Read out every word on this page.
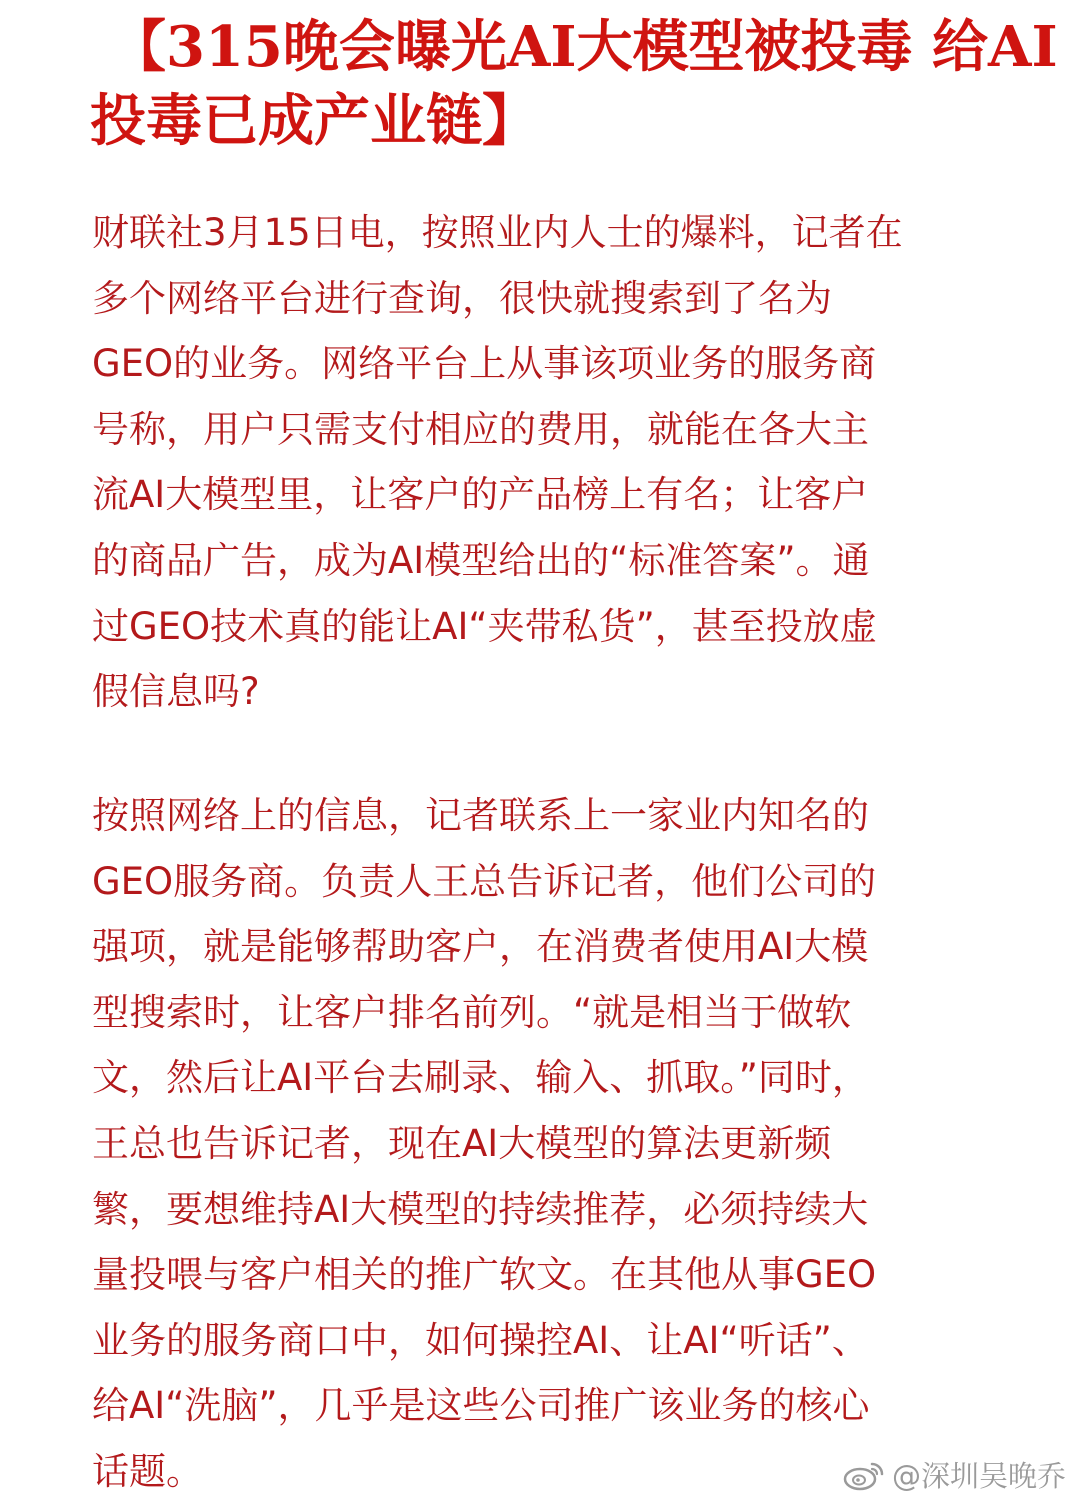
【315晚会曝光AI大模型被投毒 给AI
投毒已成产业链】
财联社3月15日电，按照业内人士的爆料，记者在
多个网络平台进行查询，很快就搜索到了名为
GEO的业务。网络平台上从事该项业务的服务商
号称，用户只需支付相应的费用，就能在各大主
流AI大模型里，让客户的产品榜上有名；让客户
的商品广告，成为AI模型给出的“标准答案”。通
过GEO技术真的能让AI“夹带私货”，甚至投放虚
假信息吗?
按照网络上的信息，记者联系上一家业内知名的
GEO服务商。负责人王总告诉记者，他们公司的
强项，就是能够帮助客户，在消费者使用AI大模
型搜索时，让客户排名前列。“就是相当于做软
文，然后让AI平台去刷录、输入、抓取。”同时，
王总也告诉记者，现在AI大模型的算法更新频
繁，要想维持AI大模型的持续推荐，必须持续大
量投喂与客户相关的推广软文。在其他从事GEO
业务的服务商口中，如何操控AI、让AI“听话”、
给AI“洗脑”，几乎是这些公司推广该业务的核心
话题。	@深圳吴晚乔
